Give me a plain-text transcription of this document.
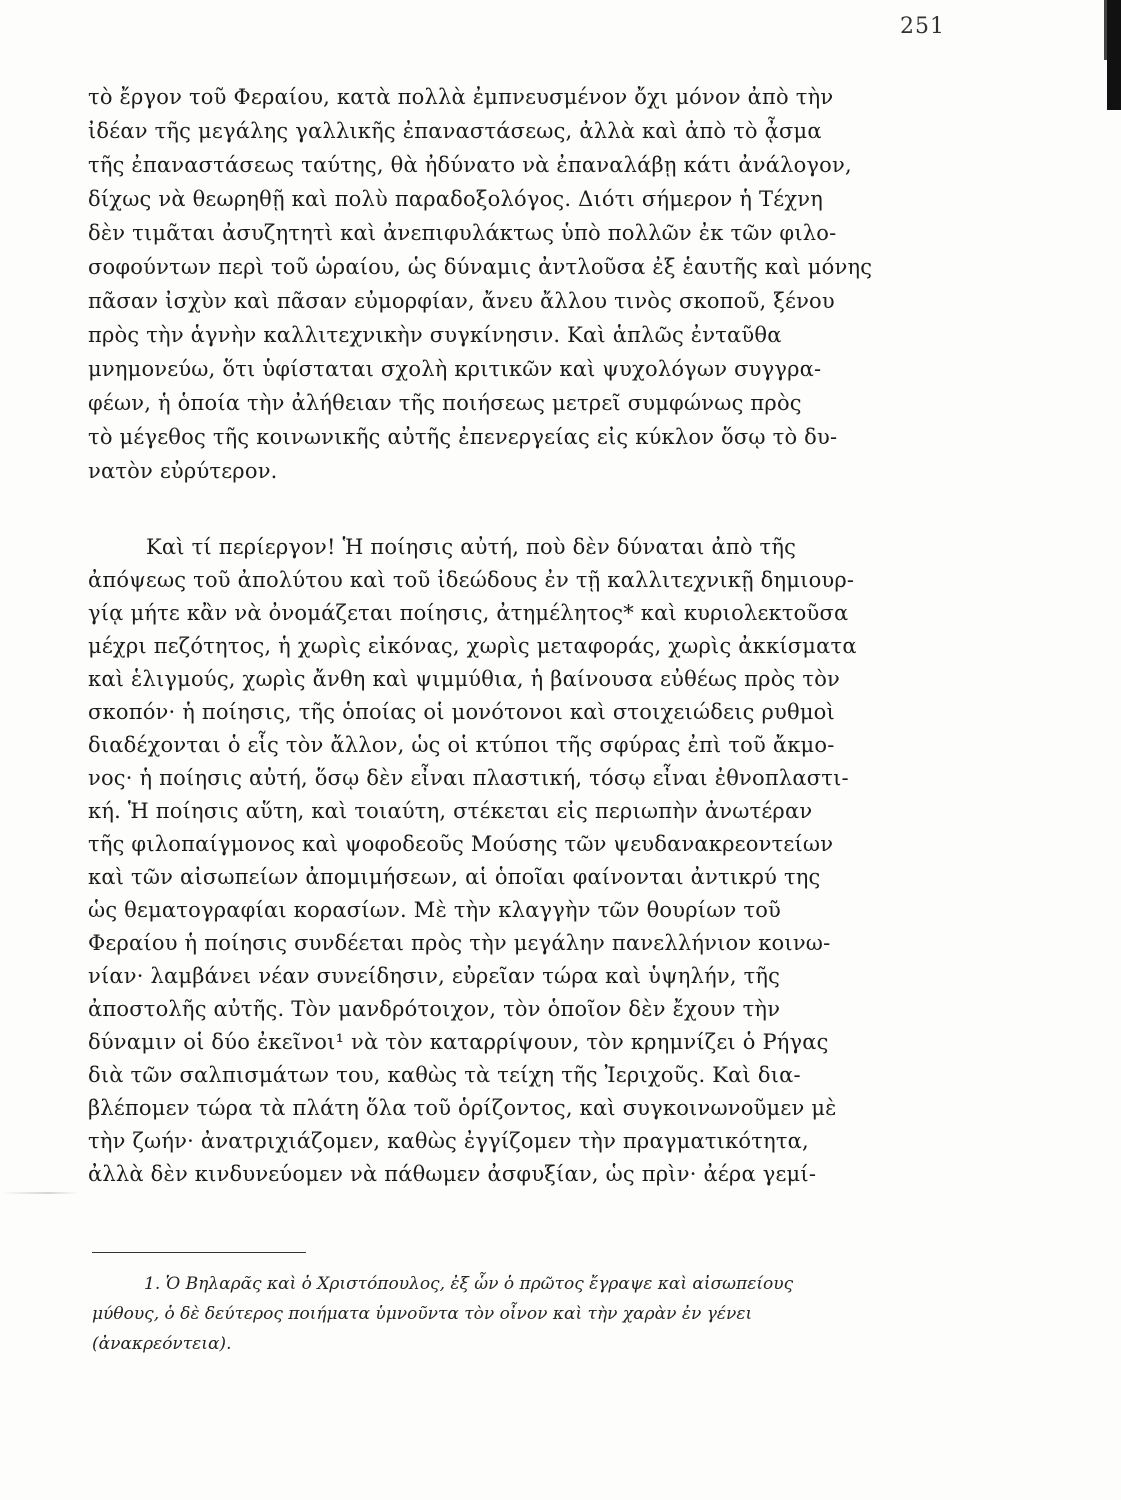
251
τὸ ἔργον τοῦ Φεραίου, κατὰ πολλὰ ἐμπνευσμένον ὄχι μόνον ἀπὸ τὴν
ἰδέαν τῆς μεγάλης γαλλικῆς ἐπαναστάσεως, ἀλλὰ καὶ ἀπὸ τὸ ᾆσμα
τῆς ἐπαναστάσεως ταύτης, θὰ ἠδύνατο νὰ ἐπαναλάβῃ κάτι ἀνάλογον,
δίχως νὰ θεωρηθῇ καὶ πολὺ παραδοξολόγος. Διότι σήμερον ἡ Τέχνη
δὲν τιμᾶται ἀσυζητητὶ καὶ ἀνεπιφυλάκτως ὑπὸ πολλῶν ἐκ τῶν φιλο-
σοφούντων περὶ τοῦ ὡραίου, ὡς δύναμις ἀντλοῦσα ἐξ ἑαυτῆς καὶ μόνης
πᾶσαν ἰσχὺν καὶ πᾶσαν εὐμορφίαν, ἄνευ ἄλλου τινὸς σκοποῦ, ξένου
πρὸς τὴν ἁγνὴν καλλιτεχνικὴν συγκίνησιν. Καὶ ἁπλῶς ἐνταῦθα
μνημονεύω, ὅτι ὑφίσταται σχολὴ κριτικῶν καὶ ψυχολόγων συγγρα-
φέων, ἡ ὁποία τὴν ἀλήθειαν τῆς ποιήσεως μετρεῖ συμφώνως πρὸς
τὸ μέγεθος τῆς κοινωνικῆς αὐτῆς ἐπενεργείας εἰς κύκλον ὅσῳ τὸ δυ-
νατὸν εὐρύτερον.
Καὶ τί περίεργον! Ἡ ποίησις αὐτή, ποὺ δὲν δύναται ἀπὸ τῆς
ἀπόψεως τοῦ ἀπολύτου καὶ τοῦ ἰδεώδους ἐν τῇ καλλιτεχνικῇ δημιουρ-
γίᾳ μήτε κἂν νὰ ὀνομάζεται ποίησις, ἀτημέλητος* καὶ κυριολεκτοῦσα
μέχρι πεζότητος, ἡ χωρὶς εἰκόνας, χωρὶς μεταφοράς, χωρὶς ἀκκίσματα
καὶ ἑλιγμούς, χωρὶς ἄνθη καὶ ψιμμύθια, ἡ βαίνουσα εὐθέως πρὸς τὸν
σκοπόν· ἡ ποίησις, τῆς ὁποίας οἱ μονότονοι καὶ στοιχειώδεις ρυθμοὶ
διαδέχονται ὁ εἷς τὸν ἄλλον, ὡς οἱ κτύποι τῆς σφύρας ἐπὶ τοῦ ἄκμο-
νος· ἡ ποίησις αὐτή, ὅσῳ δὲν εἶναι πλαστική, τόσῳ εἶναι ἐθνοπλαστι-
κή. Ἡ ποίησις αὕτη, καὶ τοιαύτη, στέκεται εἰς περιωπὴν ἀνωτέραν
τῆς φιλοπαίγμονος καὶ ψοφοδεοῦς Μούσης τῶν ψευδανακρεοντείων
καὶ τῶν αἰσωπείων ἀπομιμήσεων, αἱ ὁποῖαι φαίνονται ἀντικρύ της
ὡς θεματογραφίαι κορασίων. Μὲ τὴν κλαγγὴν τῶν θουρίων τοῦ
Φεραίου ἡ ποίησις συνδέεται πρὸς τὴν μεγάλην πανελλήνιον κοινω-
νίαν· λαμβάνει νέαν συνείδησιν, εὐρεῖαν τώρα καὶ ὑψηλήν, τῆς
ἀποστολῆς αὐτῆς. Τὸν μανδρότοιχον, τὸν ὁποῖον δὲν ἔχουν τὴν
δύναμιν οἱ δύο ἐκεῖνοι¹ νὰ τὸν καταρρίψουν, τὸν κρημνίζει ὁ Ρήγας
διὰ τῶν σαλπισμάτων του, καθὼς τὰ τείχη τῆς Ἰεριχοῦς. Καὶ δια-
βλέπομεν τώρα τὰ πλάτη ὅλα τοῦ ὁρίζοντος, καὶ συγκοινωνοῦμεν μὲ
τὴν ζωήν· ἀνατριχιάζομεν, καθὼς ἐγγίζομεν τὴν πραγματικότητα,
ἀλλὰ δὲν κινδυνεύομεν νὰ πάθωμεν ἀσφυξίαν, ὡς πρὶν· ἀέρα γεμί-
1. Ὁ Βηλαρᾶς καὶ ὁ Χριστόπουλος, ἐξ ὧν ὁ πρῶτος ἔγραψε καὶ αἰσωπείους
μύθους, ὁ δὲ δεύτερος ποιήματα ὑμνοῦντα τὸν οἶνον καὶ τὴν χαρὰν ἐν γένει
(ἀνακρεόντεια).
